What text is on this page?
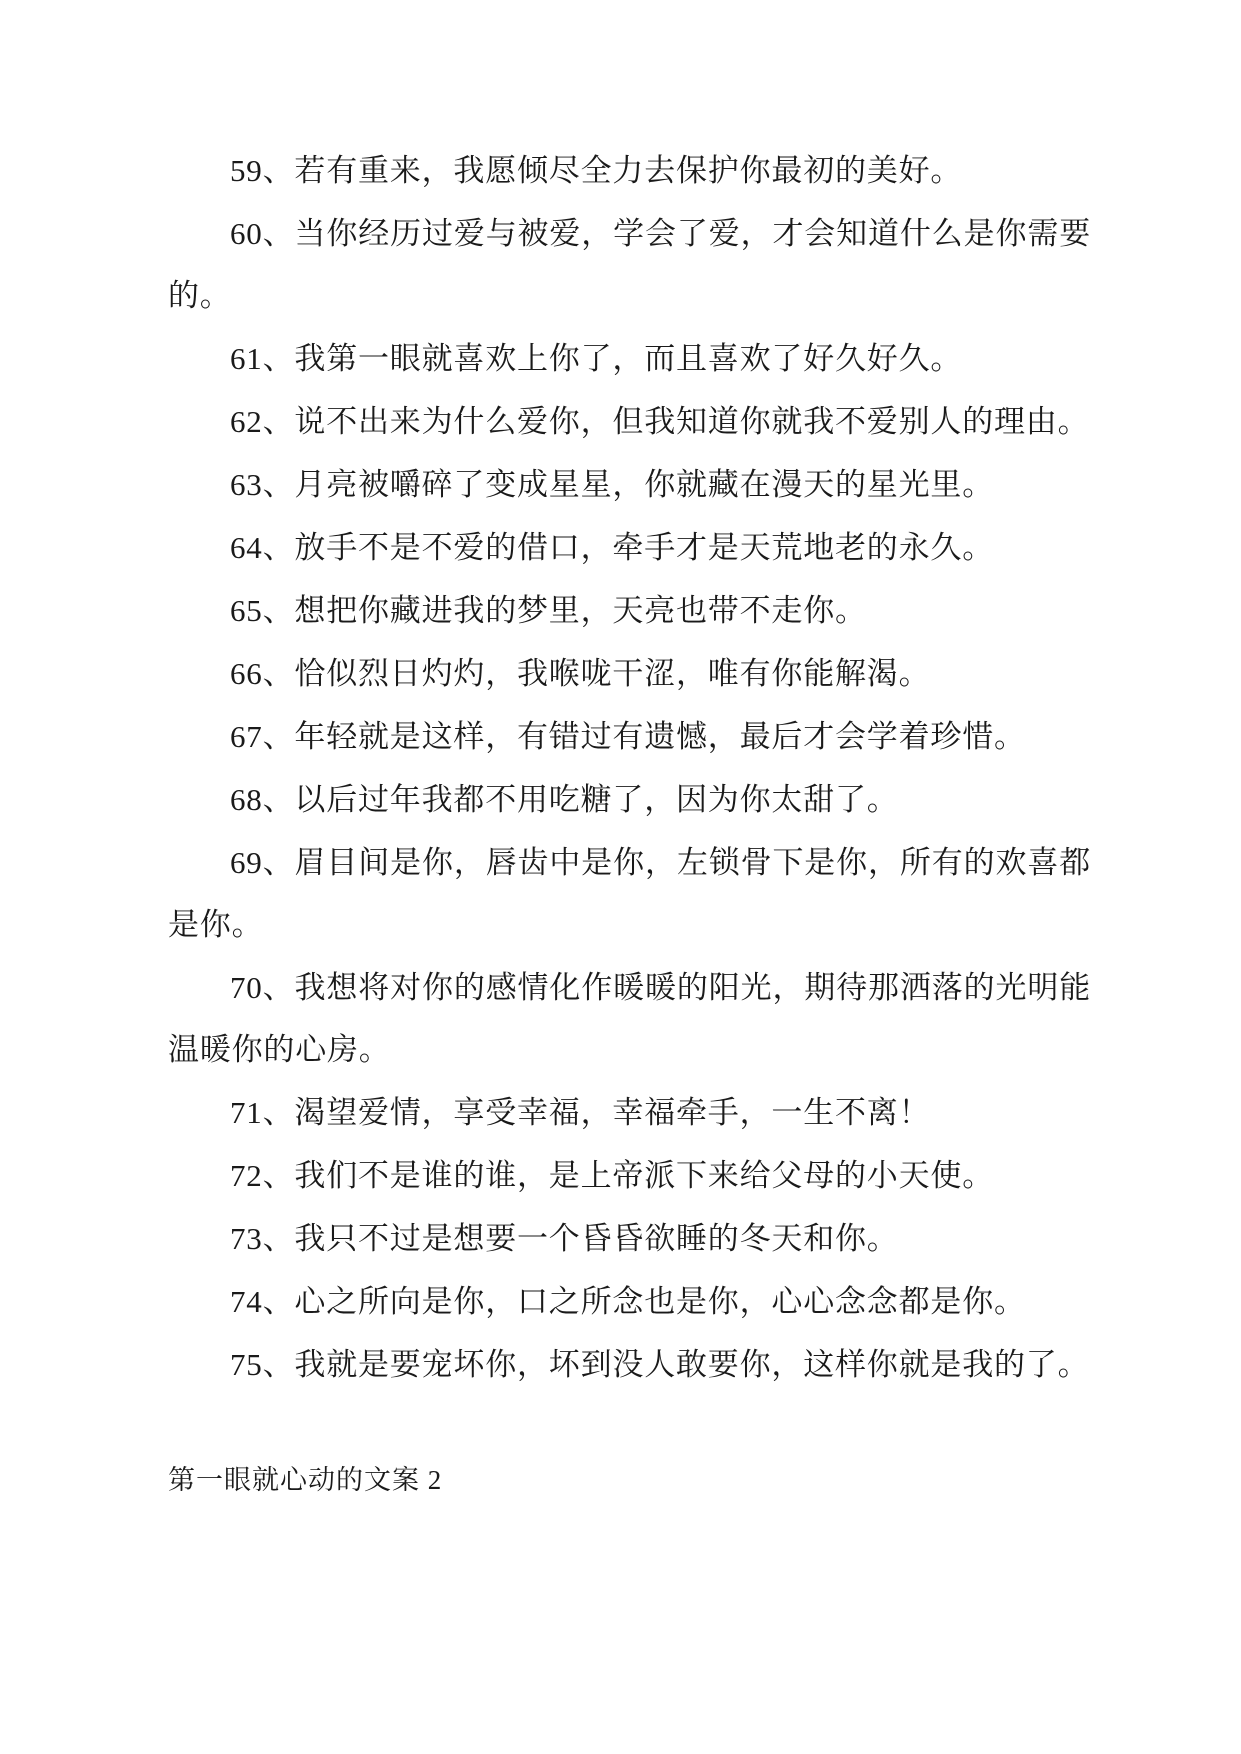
59、若有重来，我愿倾尽全力去保护你最初的美好。

60、当你经历过爱与被爱，学会了爱，才会知道什么是你需要的。

61、我第一眼就喜欢上你了，而且喜欢了好久好久。

62、说不出来为什么爱你，但我知道你就我不爱别人的理由。

63、月亮被嚼碎了变成星星，你就藏在漫天的星光里。

64、放手不是不爱的借口，牵手才是天荒地老的永久。

65、想把你藏进我的梦里，天亮也带不走你。

66、恰似烈日灼灼，我喉咙干涩，唯有你能解渴。

67、年轻就是这样，有错过有遗憾，最后才会学着珍惜。

68、以后过年我都不用吃糖了，因为你太甜了。

69、眉目间是你，唇齿中是你，左锁骨下是你，所有的欢喜都是你。

70、我想将对你的感情化作暖暖的阳光，期待那洒落的光明能温暖你的心房。

71、渴望爱情，享受幸福，幸福牵手，一生不离！

72、我们不是谁的谁，是上帝派下来给父母的小天使。

73、我只不过是想要一个昏昏欲睡的冬天和你。

74、心之所向是你，口之所念也是你，心心念念都是你。

75、我就是要宠坏你，坏到没人敢要你，这样你就是我的了。

第一眼就心动的文案 2
